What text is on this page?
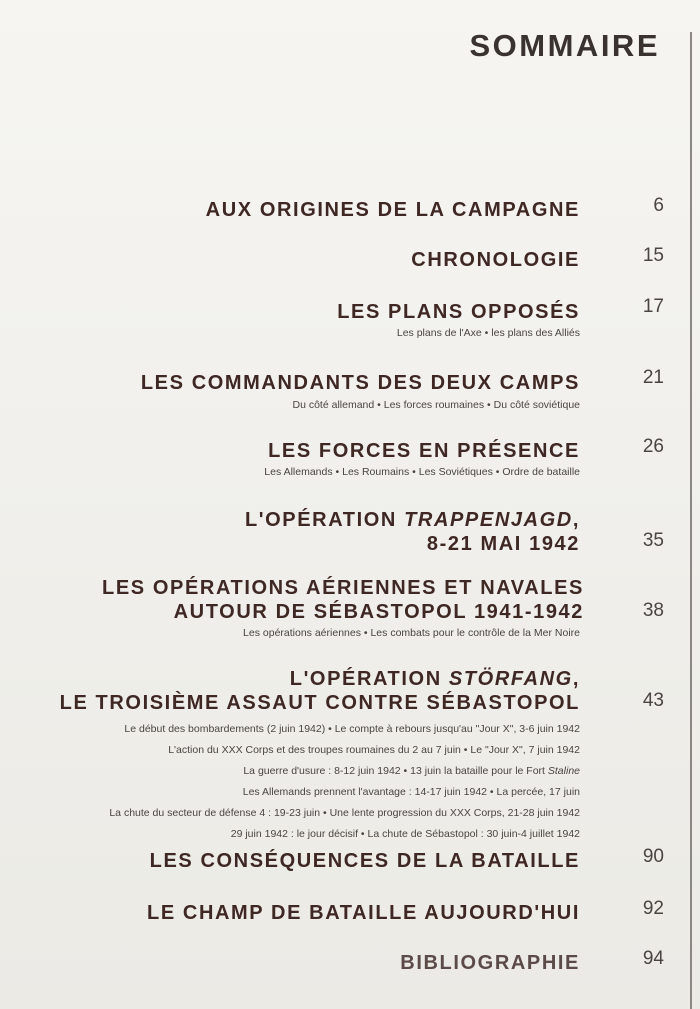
SOMMAIRE
AUX ORIGINES DE LA CAMPAGNE	6
CHRONOLOGIE	15
LES PLANS OPPOSÉS	17
Les plans de l'Axe • les plans des Alliés
LES COMMANDANTS DES DEUX CAMPS	21
Du côté allemand • Les forces roumaines • Du côté soviétique
LES FORCES EN PRÉSENCE	26
Les Allemands • Les Roumains • Les Soviétiques • Ordre de bataille
L'OPÉRATION TRAPPENJAGD,
8-21 MAI 1942	35
LES OPÉRATIONS AÉRIENNES ET NAVALES
AUTOUR DE SÉBASTOPOL 1941-1942	38
Les opérations aériennes • Les combats pour le contrôle de la Mer Noire
L'OPÉRATION STÖRFANG,
LE TROISIÈME ASSAUT CONTRE SÉBASTOPOL	43
Le début des bombardements (2 juin 1942) • Le compte à rebours jusqu'au "Jour X", 3-6 juin 1942
L'action du XXX Corps et des troupes roumaines du 2 au 7 juin • Le "Jour X", 7 juin 1942
La guerre d'usure : 8-12 juin 1942 • 13 juin la bataille pour le Fort Staline
Les Allemands prennent l'avantage : 14-17 juin 1942 • La percée, 17 juin
La chute du secteur de défense 4 : 19-23 juin • Une lente progression du XXX Corps, 21-28 juin 1942
29 juin 1942 : le jour décisif • La chute de Sébastopol : 30 juin-4 juillet 1942
LES CONSÉQUENCES DE LA BATAILLE	90
LE CHAMP DE BATAILLE AUJOURD'HUI	92
BIBLIOGRAPHIE	94
